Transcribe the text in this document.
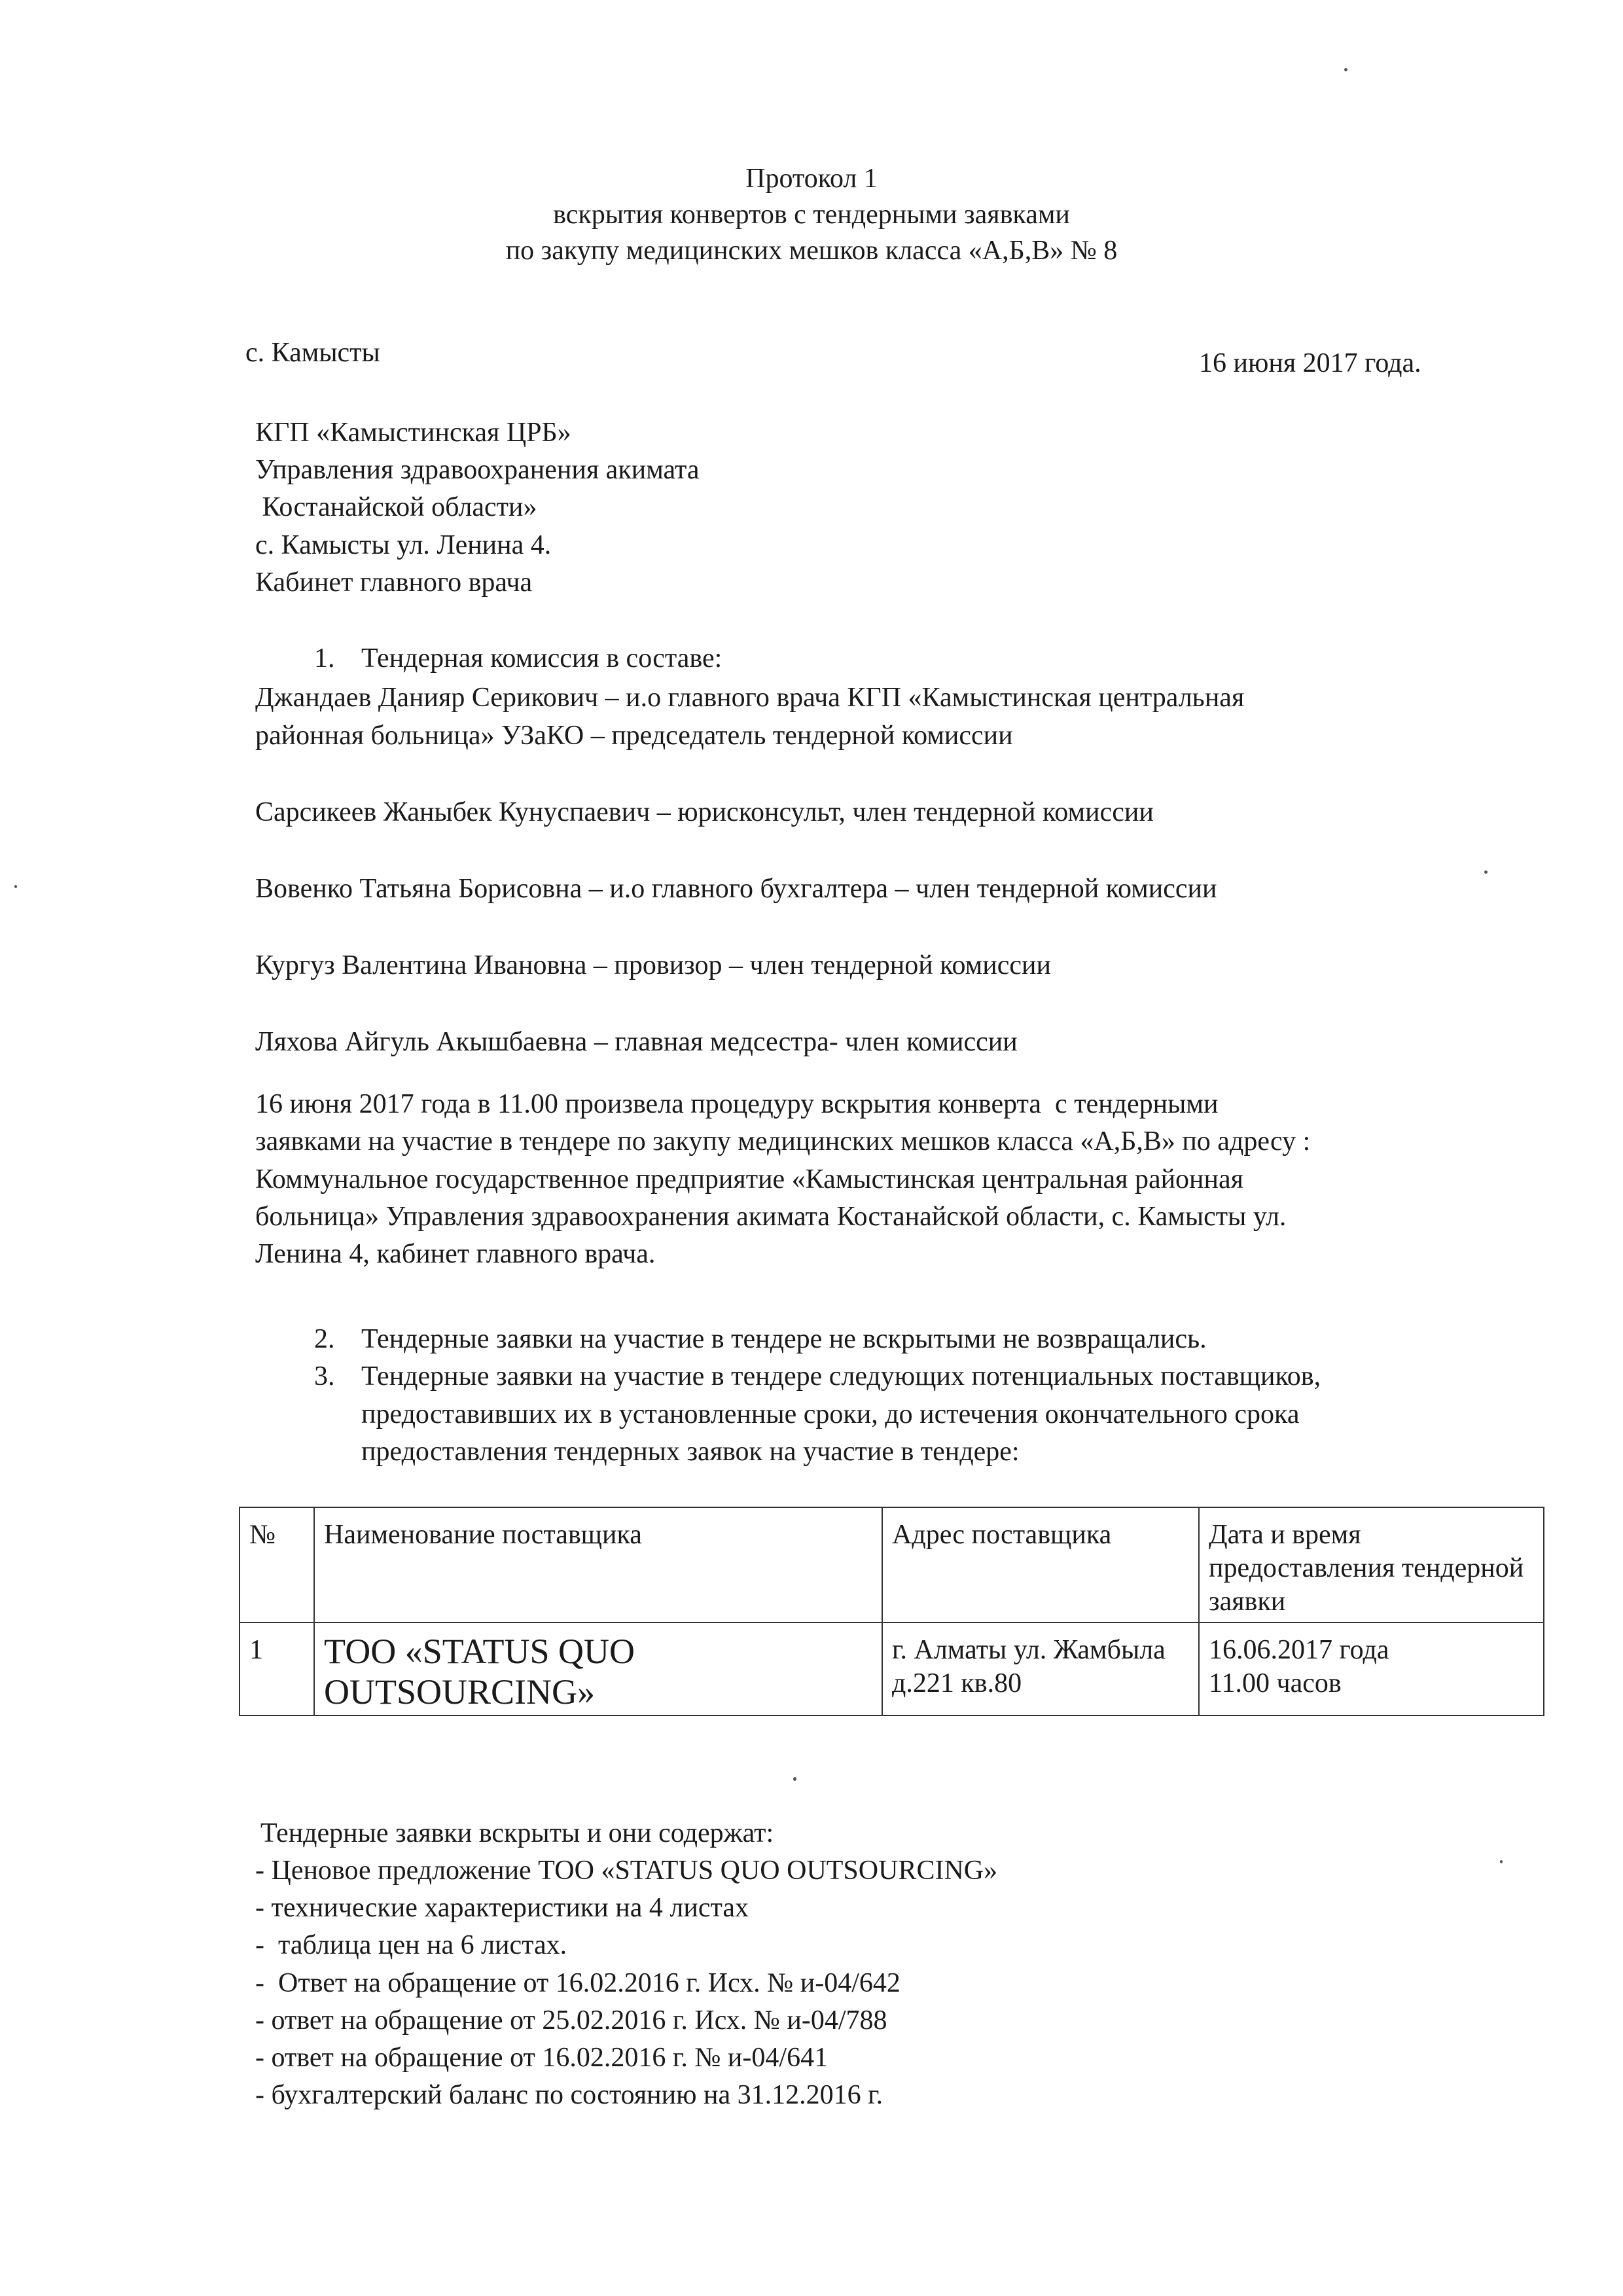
Протокол 1
вскрытия конвертов с тендерными заявками
по закупу медицинских мешков класса «А,Б,В» № 8
с. Камысты	16 июня 2017 года.
КГП «Камыстинская ЦРБ»
Управления здравоохранения акимата
Костанайской области»
с. Камысты ул. Ленина 4.
Кабинет главного врача
1. Тендерная комиссия в составе:
Джандаев Данияр Серикович – и.о главного врача КГП «Камыстинская центральная
районная больница» УЗаКО – председатель тендерной комиссии
Сарсикеев Жаныбек Кунуспаевич – юрисконсульт, член тендерной комиссии
Вовенко Татьяна Борисовна – и.о главного бухгалтера – член тендерной комиссии
Кургуз Валентина Ивановна – провизор – член тендерной комиссии
Ляхова Айгуль Акышбаевна – главная медсестра- член комиссии
16 июня 2017 года в 11.00 произвела процедуру вскрытия конверта  с тендерными
заявками на участие в тендере по закупу медицинских мешков класса «А,Б,В» по адресу :
Коммунальное государственное предприятие «Камыстинская центральная районная
больница» Управления здравоохранения акимата Костанайской области, с. Камысты ул.
Ленина 4, кабинет главного врача.
2. Тендерные заявки на участие в тендере не вскрытыми не возвращались.
3. Тендерные заявки на участие в тендере следующих потенциальных поставщиков,
предоставивших их в установленные сроки, до истечения окончательного срока
предоставления тендерных заявок на участие в тендере:
№	Наименование поставщика	Адрес поставщика	Дата и время предоставления тендерной заявки
1	ТОО «STATUS QUO OUTSOURCING»	г. Алматы ул. Жамбыла д.221 кв.80	16.06.2017 года
11.00 часов
Тендерные заявки вскрыты и они содержат:
- Ценовое предложение ТОО «STATUS QUO OUTSOURCING»
- технические характеристики на 4 листах
-  таблица цен на 6 листах.
-  Ответ на обращение от 16.02.2016 г. Исх. № и-04/642
- ответ на обращение от 25.02.2016 г. Исх. № и-04/788
- ответ на обращение от 16.02.2016 г. № и-04/641
- бухгалтерский баланс по состоянию на 31.12.2016 г.
